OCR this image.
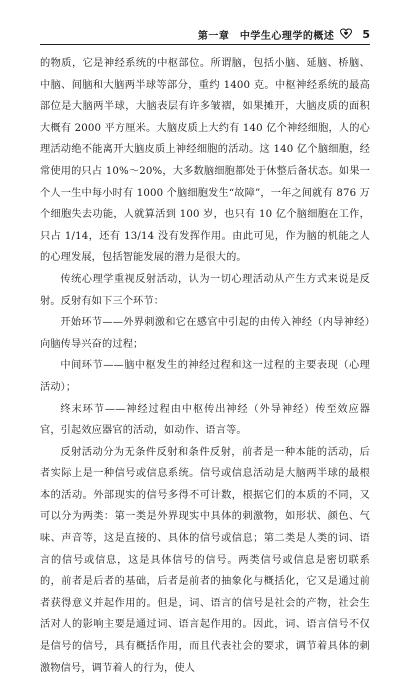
第一章　中学生心理学的概述	5

的物质，它是神经系统的中枢部位。所谓脑，包括小脑、延脑、桥脑、中脑、间脑和大脑两半球等部分，重约 1400 克。中枢神经系统的最高部位是大脑两半球，大脑表层有许多皱褶，如果摊开，大脑皮质的面积大概有 2000 平方厘米。大脑皮质上大约有 140 亿个神经细胞，人的心理活动绝不能离开大脑皮质上神经细胞的活动。这 140 亿个脑细胞，经常使用的只占 10%～20%，大多数脑细胞都处于休整后备状态。如果一个人一生中每小时有 1000 个脑细胞发生“故障”，一年之间就有 876 万个细胞失去功能，人就算活到 100 岁，也只有 10 亿个脑细胞在工作，只占 1/14，还有 13/14 没有发挥作用。由此可见，作为脑的机能之人的心理发展，包括智能发展的潜力是很大的。

传统心理学重视反射活动，认为一切心理活动从产生方式来说是反射。反射有如下三个环节：

开始环节——外界刺激和它在感官中引起的由传入神经（内导神经）向脑传导兴奋的过程；

中间环节——脑中枢发生的神经过程和这一过程的主要表现（心理活动）；

终末环节——神经过程由中枢传出神经（外导神经）传至效应器官，引起效应器官的活动，如动作、语言等。

反射活动分为无条件反射和条件反射，前者是一种本能的活动，后者实际上是一种信号或信息系统。信号或信息活动是大脑两半球的最根本的活动。外部现实的信号多得不可计数，根据它们的本质的不同，又可以分为两类：第一类是外界现实中具体的刺激物，如形状、颜色、气味、声音等，这是直接的、具体的信号或信息；第二类是人类的词、语言的信号或信息，这是具体信号的信号。两类信号或信息是密切联系的，前者是后者的基础，后者是前者的抽象化与概括化，它又是通过前者获得意义并起作用的。但是，词、语言的信号是社会的产物，社会生活对人的影响主要是通过词、语言起作用的。因此，词、语言信号不仅是信号的信号，具有概括作用，而且代表社会的要求，调节着具体的刺激物信号，调节着人的行为，使人
